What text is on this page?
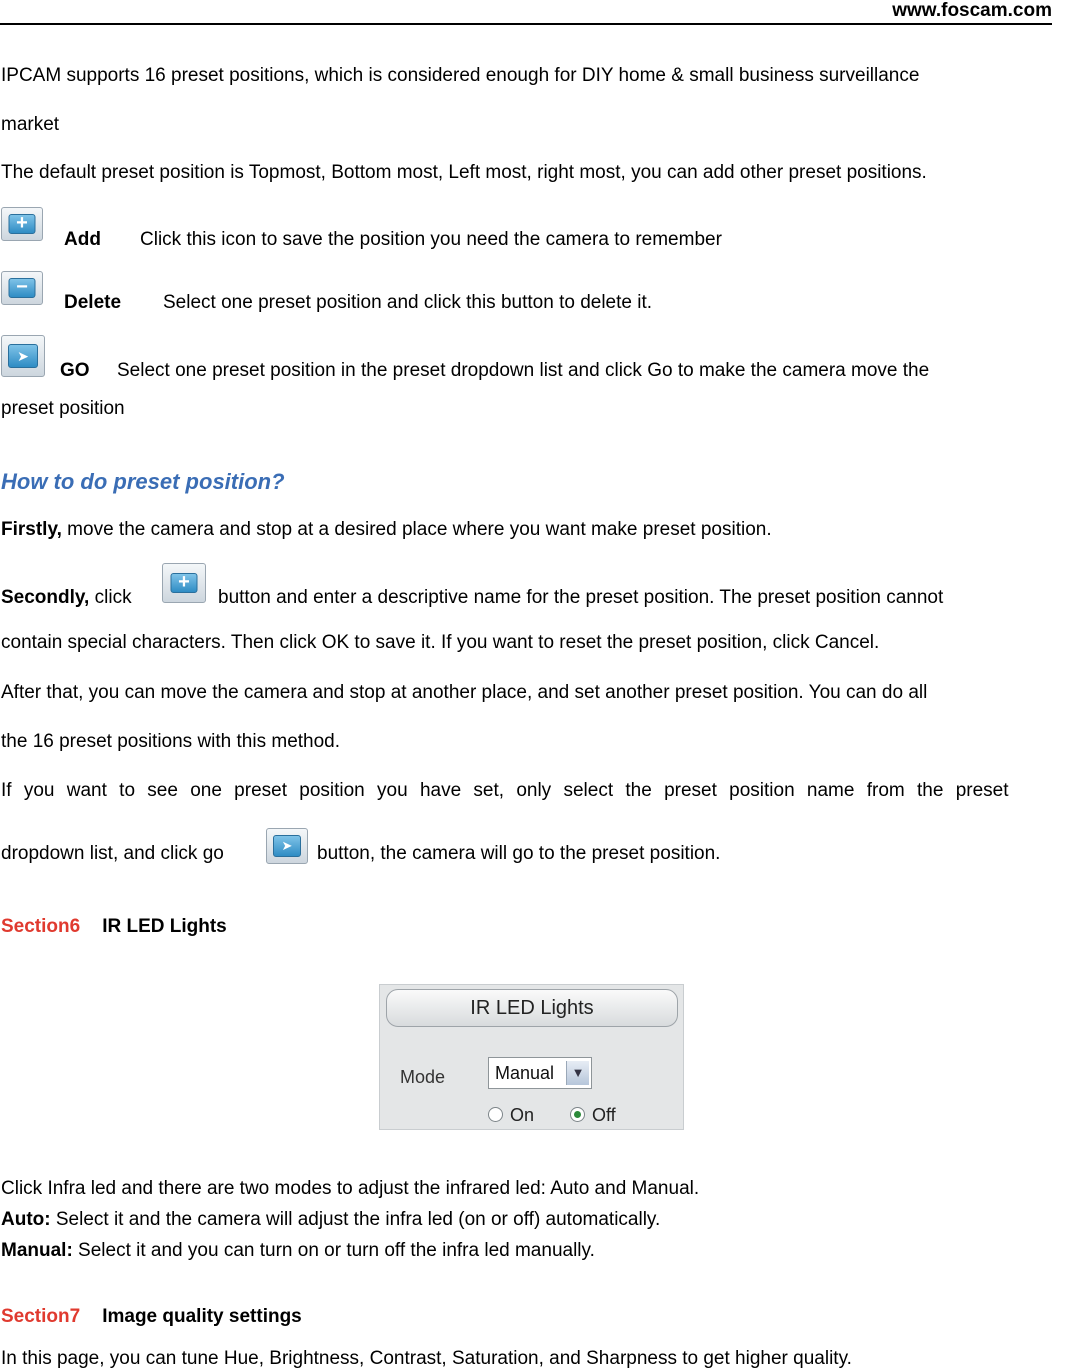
www.foscam.com
IPCAM supports 16 preset positions, which is considered enough for DIY home & small business surveillance
market
The default preset position is Topmost, Bottom most, Left most, right most, you can add other preset positions.
+
Add Click this icon to save the position you need the camera to remember
−
Delete Select one preset position and click this button to delete it.
➤
GO Select one preset position in the preset dropdown list and click Go to make the camera move the
preset position
How to do preset position?
Firstly, move the camera and stop at a desired place where you want make preset position.
Secondly, click
+
button and enter a descriptive name for the preset position. The preset position cannot
contain special characters. Then click OK to save it. If you want to reset the preset position, click Cancel.
After that, you can move the camera and stop at another place, and set another preset position. You can do all
the 16 preset positions with this method.
If you want to see one preset position you have set, only select the preset position name from the preset
dropdown list, and click go	➤	button, the camera will go to the preset position.
Section6 IR LED Lights
IR LED Lights
Mode	Manual	▼
On	Off
Click Infra led and there are two modes to adjust the infrared led: Auto and Manual.
Auto: Select it and the camera will adjust the infra led (on or off) automatically.
Manual: Select it and you can turn on or turn off the infra led manually.
Section7 Image quality settings
In this page, you can tune Hue, Brightness, Contrast, Saturation, and Sharpness to get higher quality.
